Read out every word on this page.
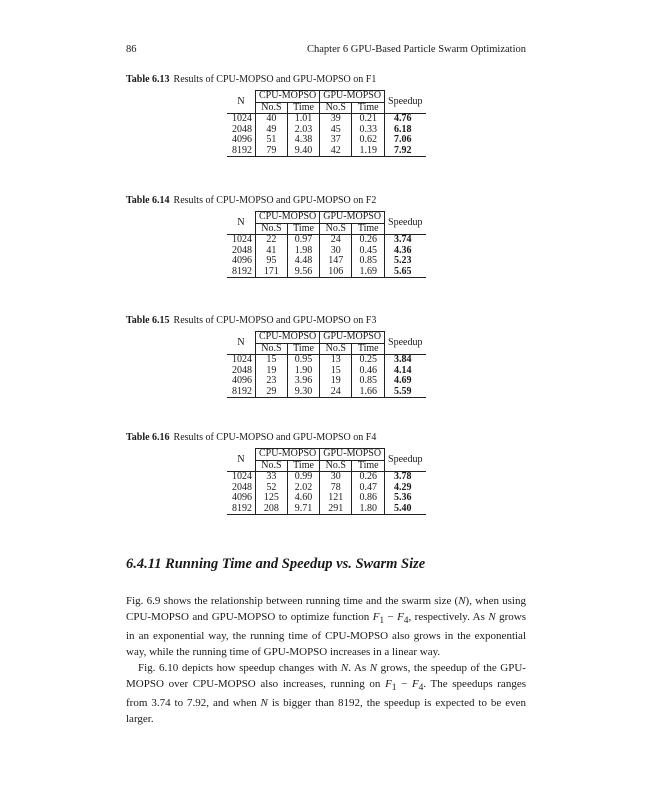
86	Chapter 6 GPU-Based Particle Swarm Optimization
Table 6.13 Results of CPU-MOPSO and GPU-MOPSO on F1
N	CPU-MOPSO		GPU-MOPSO		Speedup
	No.S	Time	No.S	Time	
1024	40	1.01	39	0.21	4.76
2048	49	2.03	45	0.33	6.18
4096	51	4.38	37	0.62	7.06
8192	79	9.40	42	1.19	7.92
Table 6.14 Results of CPU-MOPSO and GPU-MOPSO on F2
N	CPU-MOPSO		GPU-MOPSO		Speedup
	No.S	Time	No.S	Time	
1024	22	0.97	24	0.26	3.74
2048	41	1.98	30	0.45	4.36
4096	95	4.48	147	0.85	5.23
8192	171	9.56	106	1.69	5.65
Table 6.15 Results of CPU-MOPSO and GPU-MOPSO on F3
N	CPU-MOPSO		GPU-MOPSO		Speedup
	No.S	Time	No.S	Time	
1024	15	0.95	13	0.25	3.84
2048	19	1.90	15	0.46	4.14
4096	23	3.96	19	0.85	4.69
8192	29	9.30	24	1.66	5.59
Table 6.16 Results of CPU-MOPSO and GPU-MOPSO on F4
N	CPU-MOPSO		GPU-MOPSO		Speedup
	No.S	Time	No.S	Time	
1024	33	0.99	30	0.26	3.78
2048	52	2.02	78	0.47	4.29
4096	125	4.60	121	0.86	5.36
8192	208	9.71	291	1.80	5.40
6.4.11 Running Time and Speedup vs. Swarm Size

Fig. 6.9 shows the relationship between running time and the swarm size (N), when using CPU-MOPSO and GPU-MOPSO to optimize function $F_1 - F_4$, respectively. As N grows in an exponential way, the running time of CPU-MOPSO also grows in the exponential way, while the running time of GPU-MOPSO increases in a linear way.

Fig. 6.10 depicts how speedup changes with N. As N grows, the speedup of the GPU-MOPSO over CPU-MOPSO also increases, running on $F_1 - F_4$. The speedups ranges from 3.74 to 7.92, and when N is bigger than 8192, the speedup is expected to be even larger.
